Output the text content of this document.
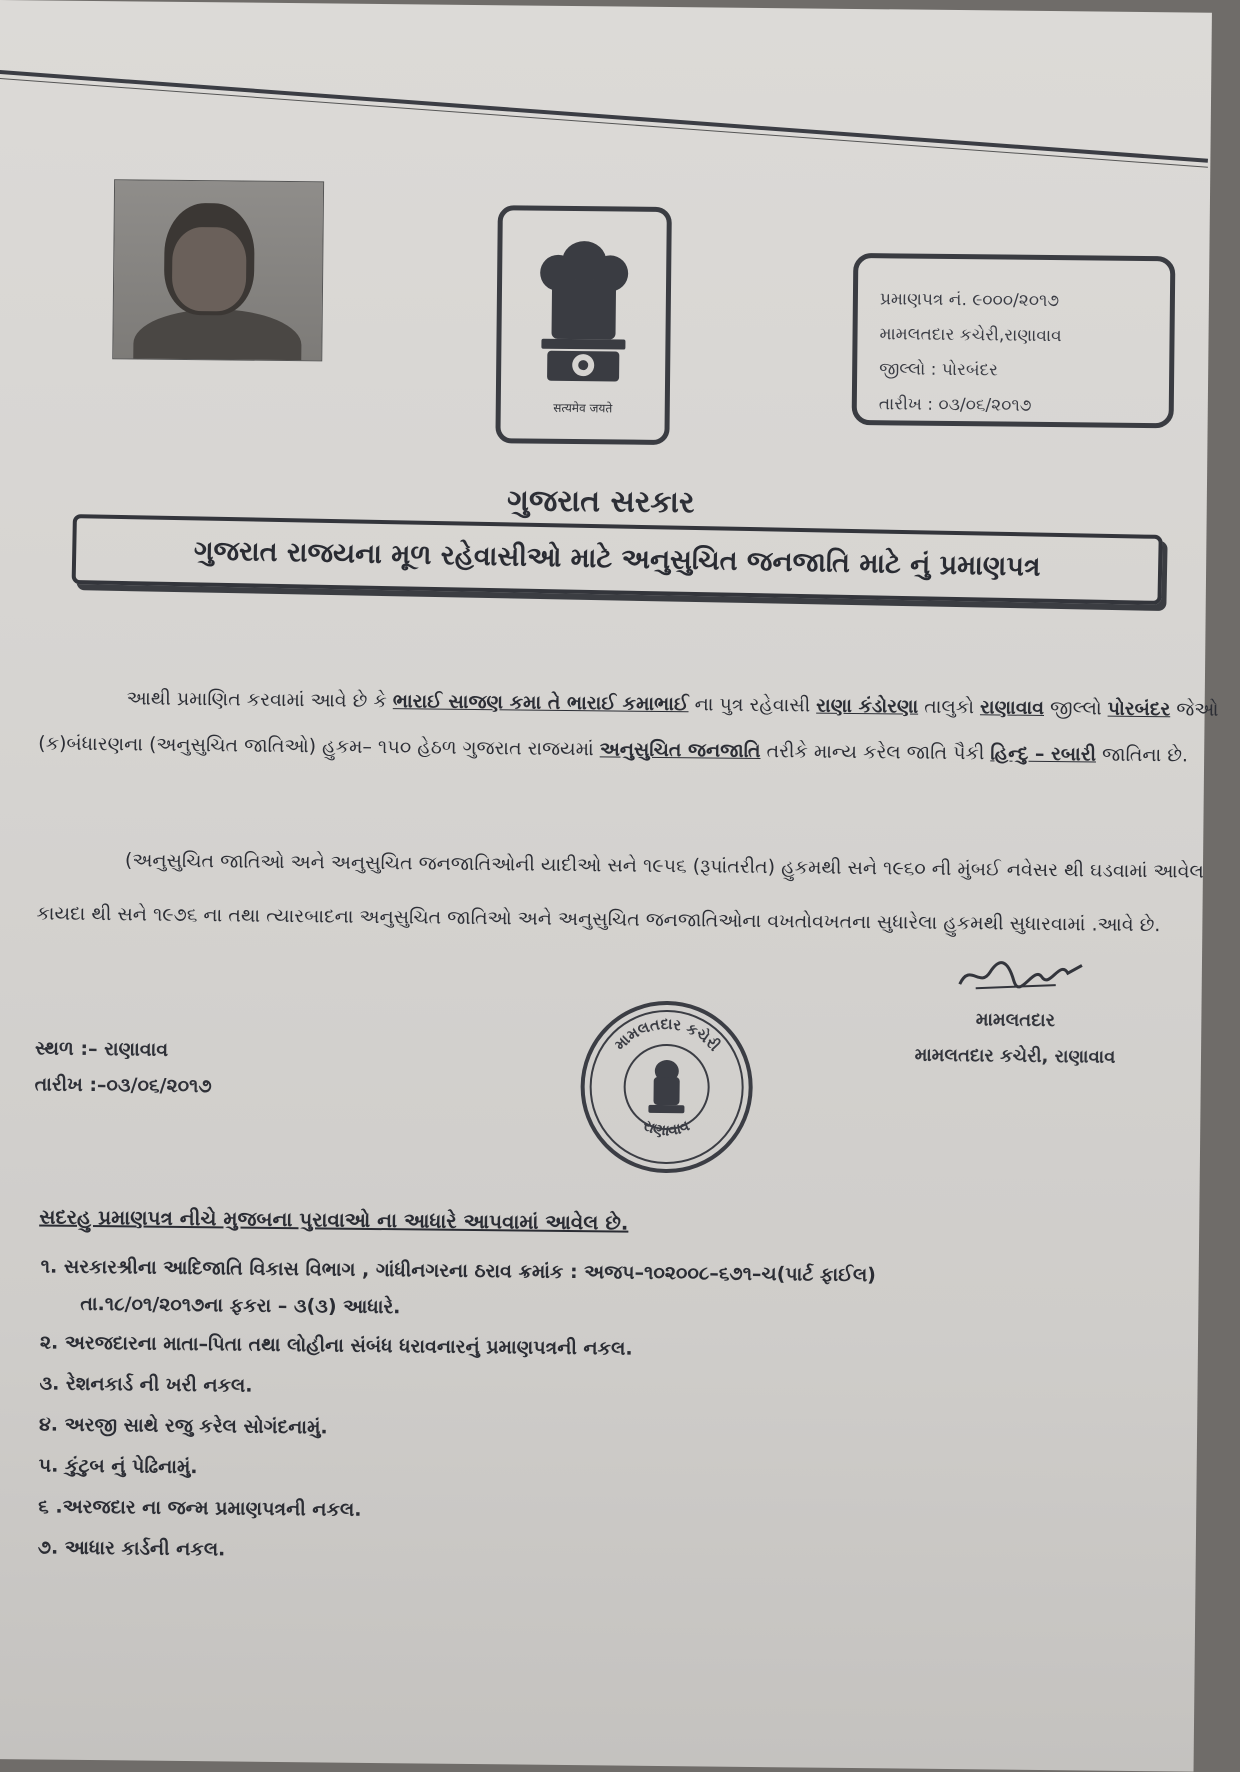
सत्यमेव जयते
પ્રમાણપત્ર નં. ૯૦૦૦/૨૦૧૭
મામલતદાર કચેરી,રાણાવાવ
જીલ્લો : પોરબંદર
તારીખ : ૦૩/૦૬/૨૦૧૭
ગુજરાત સરકાર
ગુજરાત રાજયના મૂળ રહેવાસીઓ માટે અનુસુચિત જનજાતિ માટે નું પ્રમાણપત્ર
આથી પ્રમાણિત કરવામાં આવે છે કે ભારાઈ સાજણ કમા તે ભારાઈ કમાભાઈ ના પુત્ર રહેવાસી રાણા કંડોરણા તાલુકો રાણાવાવ જીલ્લો પોરબંદર જેઓ (ક)બંધારણના (અનુસુચિત જાતિઓ) હુકમ– ૧૫૦ હેઠળ ગુજરાત રાજયમાં અનુસુચિત જનજાતિ તરીકે માન્ય કરેલ જાતિ પૈકી હિન્દુ – રબારી જાતિના છે.
(અનુસુચિત જાતિઓ અને અનુસુચિત જનજાતિઓની યાદીઓ સને ૧૯૫૬ (રૂપાંતરીત) હુકમથી સને ૧૯૬૦ ની મુંબઈ નવેસર થી ઘડવામાં આવેલ કાયદા થી સને ૧૯૭૬ ના તથા ત્યારબાદના અનુસુચિત જાતિઓ અને અનુસુચિત જનજાતિઓના વખતોવખતના સુધારેલા હુકમથી સુધારવામાં .આવે છે.
સ્થળ :– રાણાવાવ
તારીખ :–૦૩/૦૬/૨૦૧૭
મામલતદાર કચેરી
રાણાવાવ
મામલતદાર
મામલતદાર કચેરી, રાણાવાવ
સદરહુ પ્રમાણપત્ર નીચે મુજબના પુરાવાઓ ના આધારે આપવામાં આવેલ છે.
૧. સરકારશ્રીના આદિજાતિ વિકાસ વિભાગ , ગાંધીનગરના ઠરાવ ક્રમાંક : અજપ–૧૦૨૦૦૮–૬૭૧–ચ(પાર્ટ ફાઈલ)
તા.૧૮/૦૧/૨૦૧૭ના ફકરા – ૩(૩) આધારે.
૨. અરજદારના માતા–પિતા તથા લોહીના સંબંધ ધરાવનારનું પ્રમાણપત્રની નકલ.
૩. રેશનકાર્ડ ની ખરી નકલ.
૪. અરજી સાથે રજુ કરેલ સોગંદનામું.
૫. કુંટુબ નું પેઢિનામું.
૬ .અરજદાર ના જન્મ પ્રમાણપત્રની નકલ.
૭. આધાર કાર્ડની નકલ.
